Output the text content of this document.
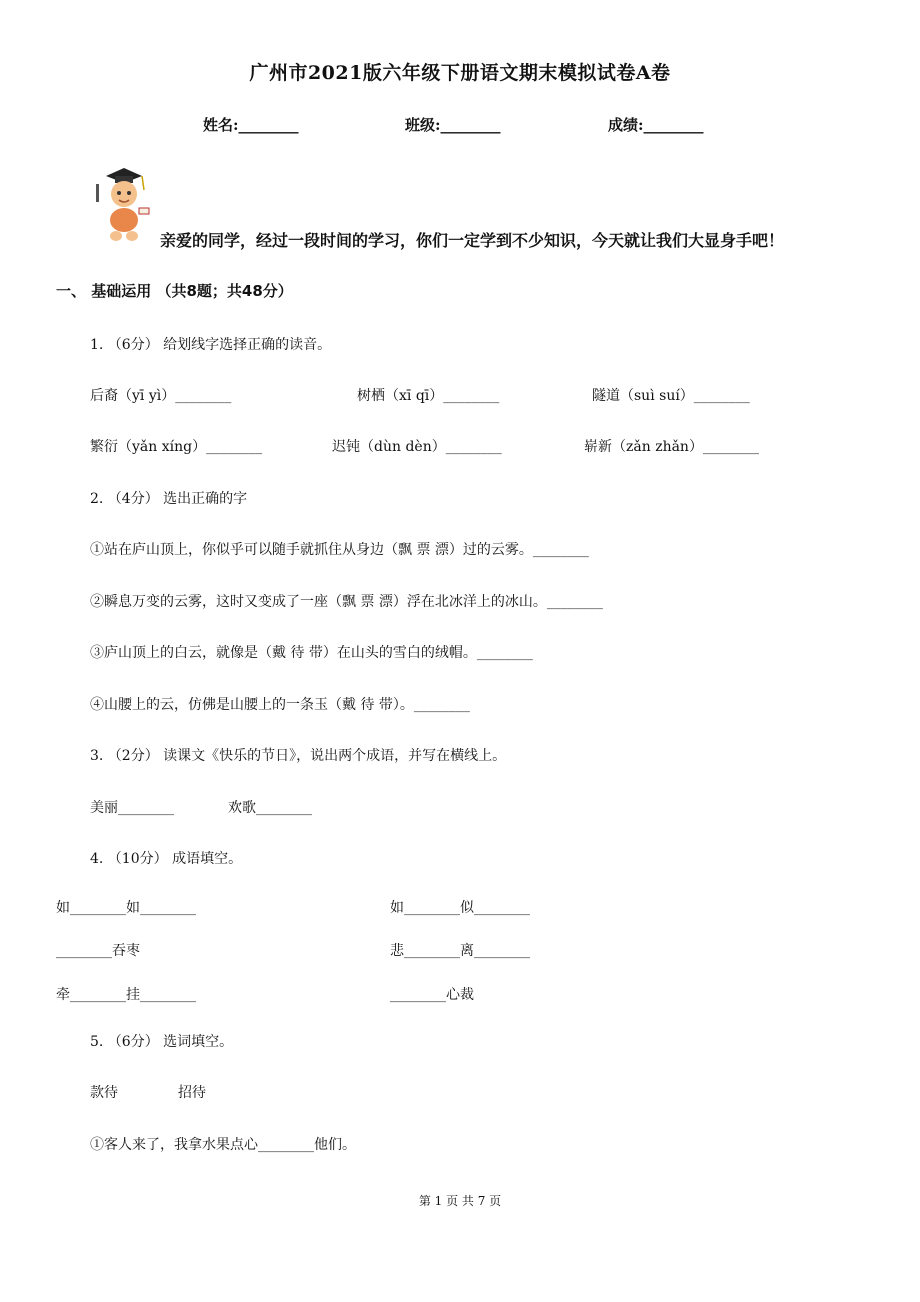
广州市2021版六年级下册语文期末模拟试卷A卷
姓名:________	班级:________	成绩:________
亲爱的同学，经过一段时间的学习，你们一定学到不少知识，今天就让我们大显身手吧！
一、 基础运用 （共8题；共48分）
1. （6分） 给划线字选择正确的读音。
后裔（yī yì）________	树栖（xī qī）________	隧道（suì suí）________
繁衍（yǎn xíng）________	迟钝（dùn dèn）________	崭新（zǎn zhǎn）________
2. （4分） 选出正确的字
①站在庐山顶上，你似乎可以随手就抓住从身边（飘 票 漂）过的云雾。________
②瞬息万变的云雾，这时又变成了一座（飘 票 漂）浮在北冰洋上的冰山。________
③庐山顶上的白云，就像是（戴 待 带）在山头的雪白的绒帽。________
④山腰上的云，仿佛是山腰上的一条玉（戴 待 带）。________
3. （2分） 读课文《快乐的节日》，说出两个成语，并写在横线上。
美丽________	欢歌________
4. （10分） 成语填空。
如________如________	如________似________
________吞枣	悲________离________
牵________挂________	________心裁
5. （6分） 选词填空。
款待	招待
①客人来了，我拿水果点心________他们。
第 1 页 共 7 页
